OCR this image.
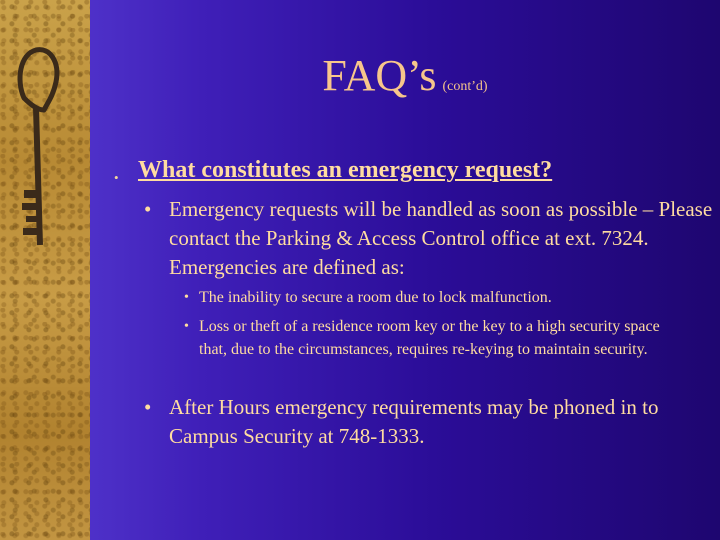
FAQ’s (cont’d)
• What constitutes an emergency request?
• Emergency requests will be handled as soon as possible – Please contact the Parking & Access Control office at ext. 7324. Emergencies are defined as:
• The inability to secure a room due to lock malfunction.
• Loss or theft of a residence room key or the key to a high security space that, due to the circumstances, requires re-keying to maintain security.
• After Hours emergency requirements may be phoned in to Campus Security at 748-1333.
